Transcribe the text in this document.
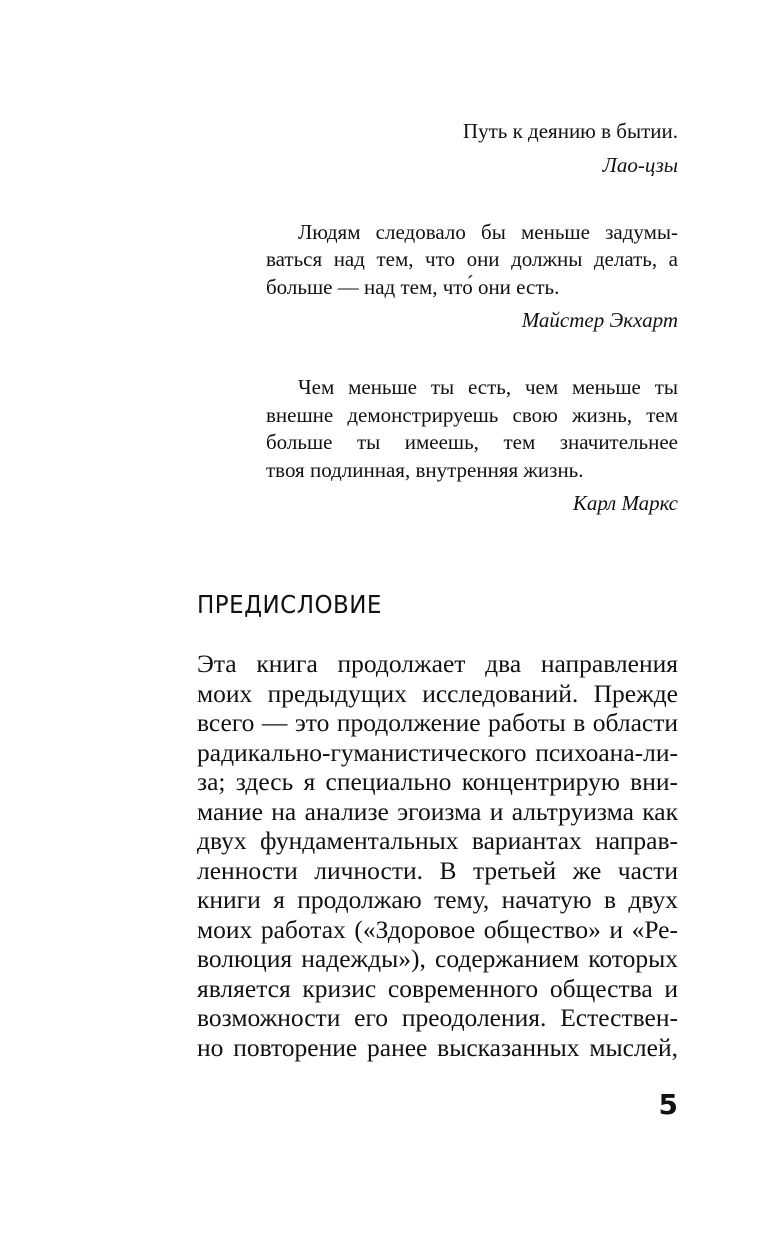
Путь к деянию в бытии.
Лао-цзы
Людям следовало бы меньше задумы-
ваться над тем, что они должны делать, а
больше — над тем, что́ они есть.
Майстер Экхарт
Чем меньше ты есть, чем меньше ты
внешне демонстрируешь свою жизнь, тем
больше ты имеешь, тем значительнее
твоя подлинная, внутренняя жизнь.
Карл Маркс
ПРЕДИСЛОВИЕ
Эта книга продолжает два направления
моих предыдущих исследований. Прежде
всего — это продолжение работы в области
радикально-гуманистического психоана-ли-
за; здесь я специально концентрирую вни-
мание на анализе эгоизма и альтруизма как
двух фундаментальных вариантах направ-
ленности личности. В третьей же части
книги я продолжаю тему, начатую в двух
моих работах («Здоровое общество» и «Ре-
волюция надежды»), содержанием которых
является кризис современного общества и
возможности его преодоления. Естествен-
но повторение ранее высказанных мыслей,
5
